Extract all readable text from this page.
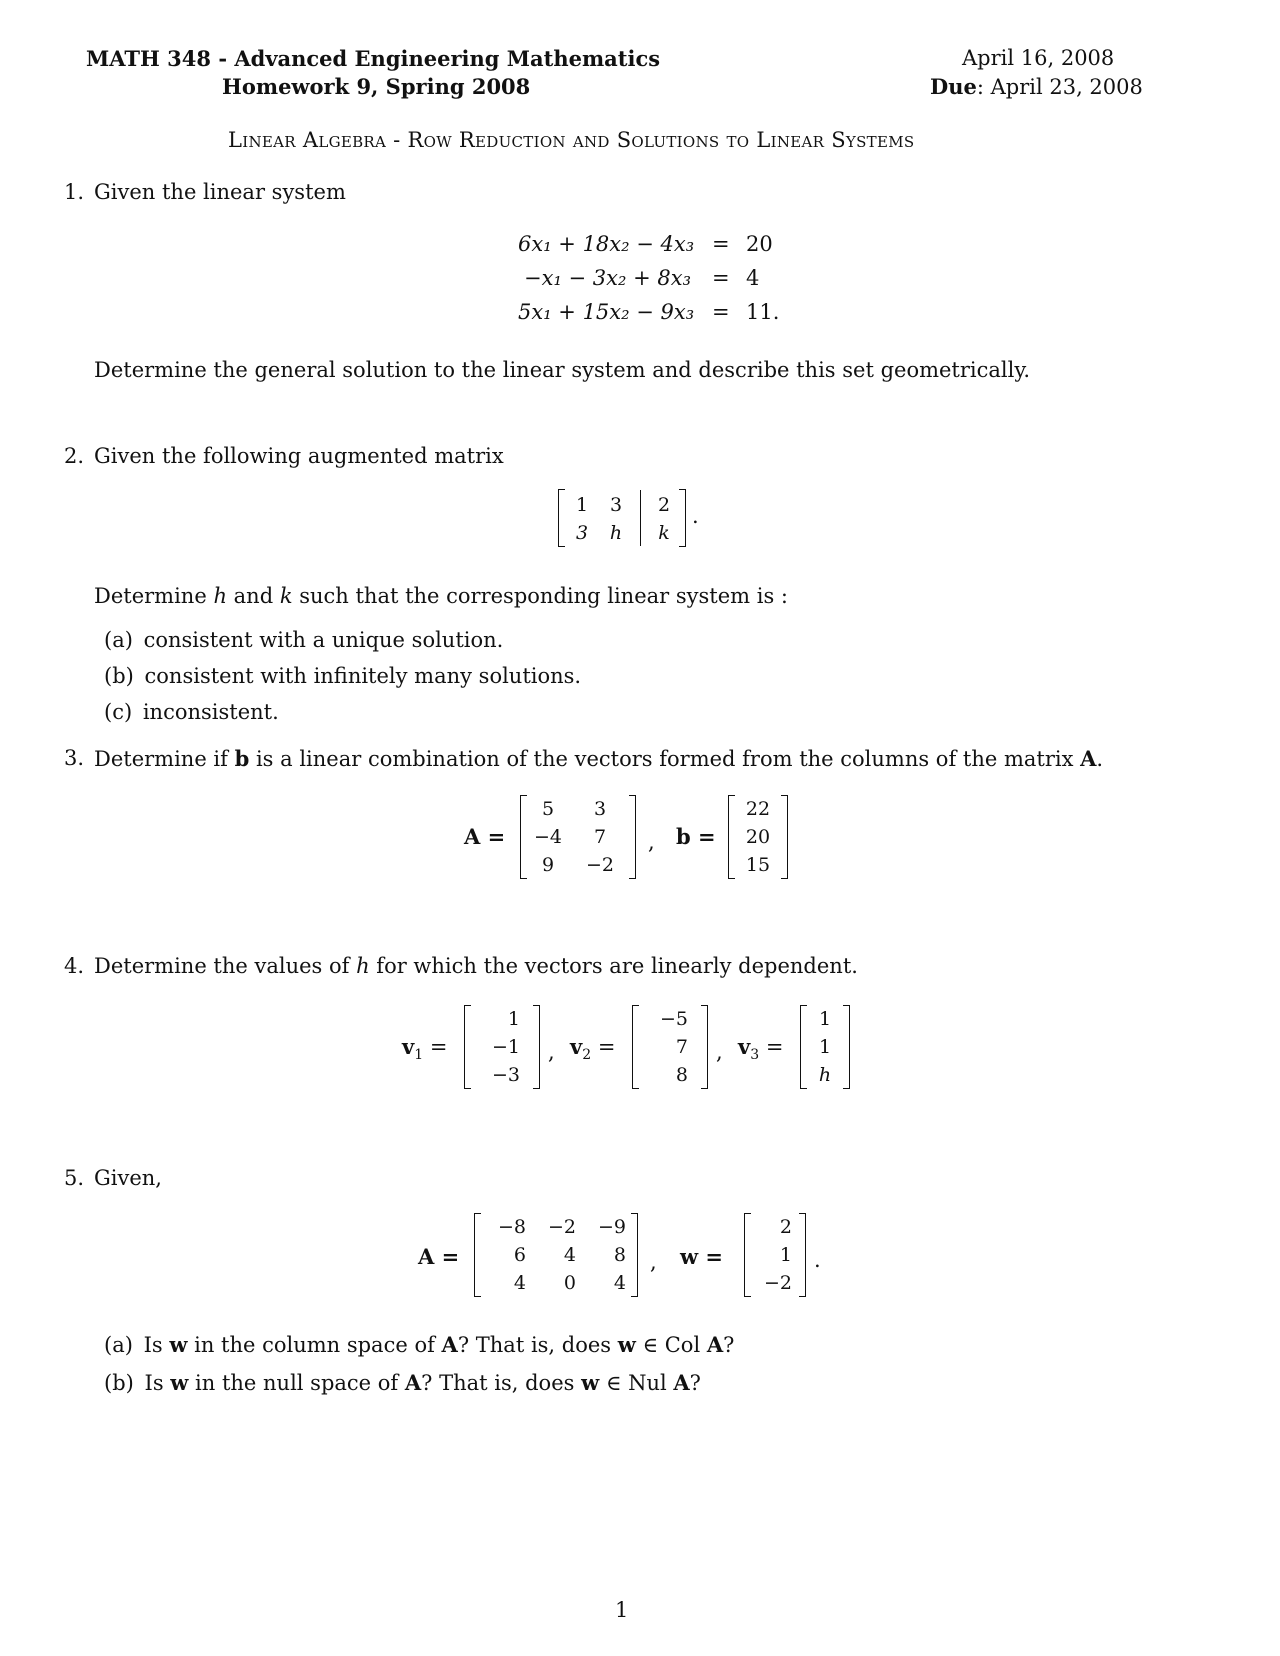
MATH 348 - Advanced Engineering Mathematics
Homework 9, Spring 2008
April 16, 2008
Due: April 23, 2008
Linear Algebra - Row Reduction and Solutions to Linear Systems
1. Given the linear system
6x₁ + 18x₂ − 4x₃ = 20
−x₁ − 3x₂ + 8x₃ = 4
5x₁ + 15x₂ − 9x₃ = 11.
Determine the general solution to the linear system and describe this set geometrically.
2. Given the following augmented matrix
1 3 2
3 h k
.
Determine h and k such that the corresponding linear system is :
(a) consistent with a unique solution.
(b) consistent with infinitely many solutions.
(c) inconsistent.
3. Determine if b is a linear combination of the vectors formed from the columns of the matrix A.
A =
5	3
−4	7
9	−2
, b =
22
20
15
4. Determine the values of h for which the vectors are linearly dependent.
$v_1$ =
1
−1
−3
, $v_2$ =
−5
7
8
, $v_3$ =
1
1
h
5. Given,
A =
−8	−2	−9
6	4	8
4	0	4
, w =
2
1
−2
.
(a) Is w in the column space of A? That is, does w ∈ Col A?
(b) Is w in the null space of A? That is, does w ∈ Nul A?
1
